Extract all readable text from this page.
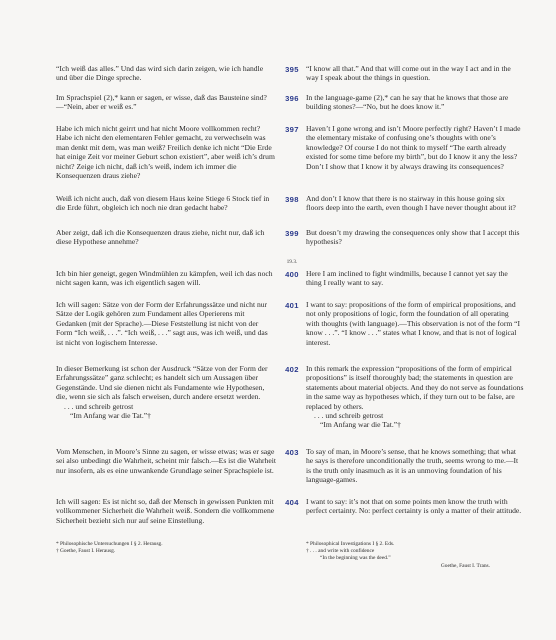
“Ich weiß das alles.” Und das wird sich darin zeigen, wie ich handle und über die Dinge spreche.

395 “I know all that.” And that will come out in the way I act and in the way I speak about the things in question.

Im Sprachspiel (2),* kann er sagen, er wisse, daß das Bausteine sind? —“Nein, aber er weiß es.”

396 In the language-game (2),* can he say that he knows that those are building stones?—“No, but he does know it.”

Habe ich mich nicht geirrt und hat nicht Moore vollkommen recht? Habe ich nicht den elementaren Fehler gemacht, zu verwechseln was man denkt mit dem, was man weiß? Freilich denke ich nicht “Die Erde hat einige Zeit vor meiner Geburt schon existiert”, aber weiß ich’s drum nicht? Zeige ich nicht, daß ich’s weiß, indem ich immer die Konsequenzen draus ziehe?

397 Haven’t I gone wrong and isn’t Moore perfectly right? Haven’t I made the elementary mistake of confusing one’s thoughts with one’s knowledge? Of course I do not think to myself “The earth already existed for some time before my birth”, but do I know it any the less? Don’t I show that I know it by always drawing its consequences?

Weiß ich nicht auch, daß von diesem Haus keine Stiege 6 Stock tief in die Erde führt, obgleich ich noch nie dran gedacht habe?

398 And don’t I know that there is no stairway in this house going six floors deep into the earth, even though I have never thought about it?

Aber zeigt, daß ich die Konsequenzen draus ziehe, nicht nur, daß ich diese Hypothese annehme?

399 But doesn’t my drawing the consequences only show that I accept this hypothesis?

19.3.

Ich bin hier geneigt, gegen Windmühlen zu kämpfen, weil ich das noch nicht sagen kann, was ich eigentlich sagen will.

400 Here I am inclined to fight windmills, because I cannot yet say the thing I really want to say.

Ich will sagen: Sätze von der Form der Erfahrungssätze und nicht nur Sätze der Logik gehören zum Fundament alles Operierens mit Gedanken (mit der Sprache).—Diese Feststellung ist nicht von der Form “Ich weiß, . . .”. “Ich weiß, . . .” sagt aus, was ich weiß, und das ist nicht von logischem Interesse.

401 I want to say: propositions of the form of empirical propositions, and not only propositions of logic, form the foundation of all operating with thoughts (with language).—This observation is not of the form “I know . . .”. “I know . . .” states what I know, and that is not of logical interest.

In dieser Bemerkung ist schon der Ausdruck “Sätze von der Form der Erfahrungssätze” ganz schlecht; es handelt sich um Aussagen über Gegenstände. Und sie dienen nicht als Fundamente wie Hypothesen, die, wenn sie sich als falsch erweisen, durch andere ersetzt werden.

. . . und schreib getrost

“Im Anfang war die Tat.”†

402 In this remark the expression “propositions of the form of empirical propositions” is itself thoroughly bad; the statements in question are statements about material objects. And they do not serve as foundations in the same way as hypotheses which, if they turn out to be false, are replaced by others.

. . . und schreib getrost

“Im Anfang war die Tat.”†

Vom Menschen, in Moore’s Sinne zu sagen, er wisse etwas; was er sage sei also unbedingt die Wahrheit, scheint mir falsch.—Es ist die Wahrheit nur insofern, als es eine unwankende Grundlage seiner Sprachspiele ist.

403 To say of man, in Moore’s sense, that he knows something; that what he says is therefore unconditionally the truth, seems wrong to me.—It is the truth only inasmuch as it is an unmoving foundation of his language-games.

Ich will sagen: Es ist nicht so, daß der Mensch in gewissen Punkten mit vollkommener Sicherheit die Wahrheit weiß. Sondern die vollkommene Sicherheit bezieht sich nur auf seine Einstellung.

404 I want to say: it’s not that on some points men know the truth with perfect certainty. No: perfect certainty is only a matter of their attitude.

* Philosophische Untersuchungen I § 2. Herausg.

† Goethe, Faust I. Herausg.

* Philosophical Investigations I § 2. Eds.

† . . . and write with confidence

“In the beginning was the deed.”

Goethe, Faust I. Trans.
